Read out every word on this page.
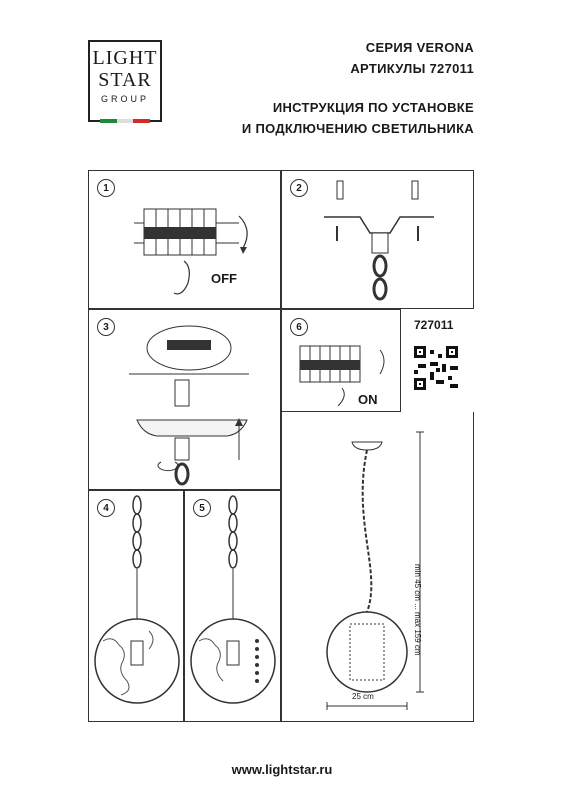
LIGHT
STAR
GROUP
СЕРИЯ VERONA
АРТИКУЛЫ 727011
ИНСТРУКЦИЯ ПО УСТАНОВКЕ
И ПОДКЛЮЧЕНИЮ СВЕТИЛЬНИКА
1
OFF
2
3	6
ON
727011
4	5
min 45 cm ... max 159 cm
25 cm
www.lightstar.ru
